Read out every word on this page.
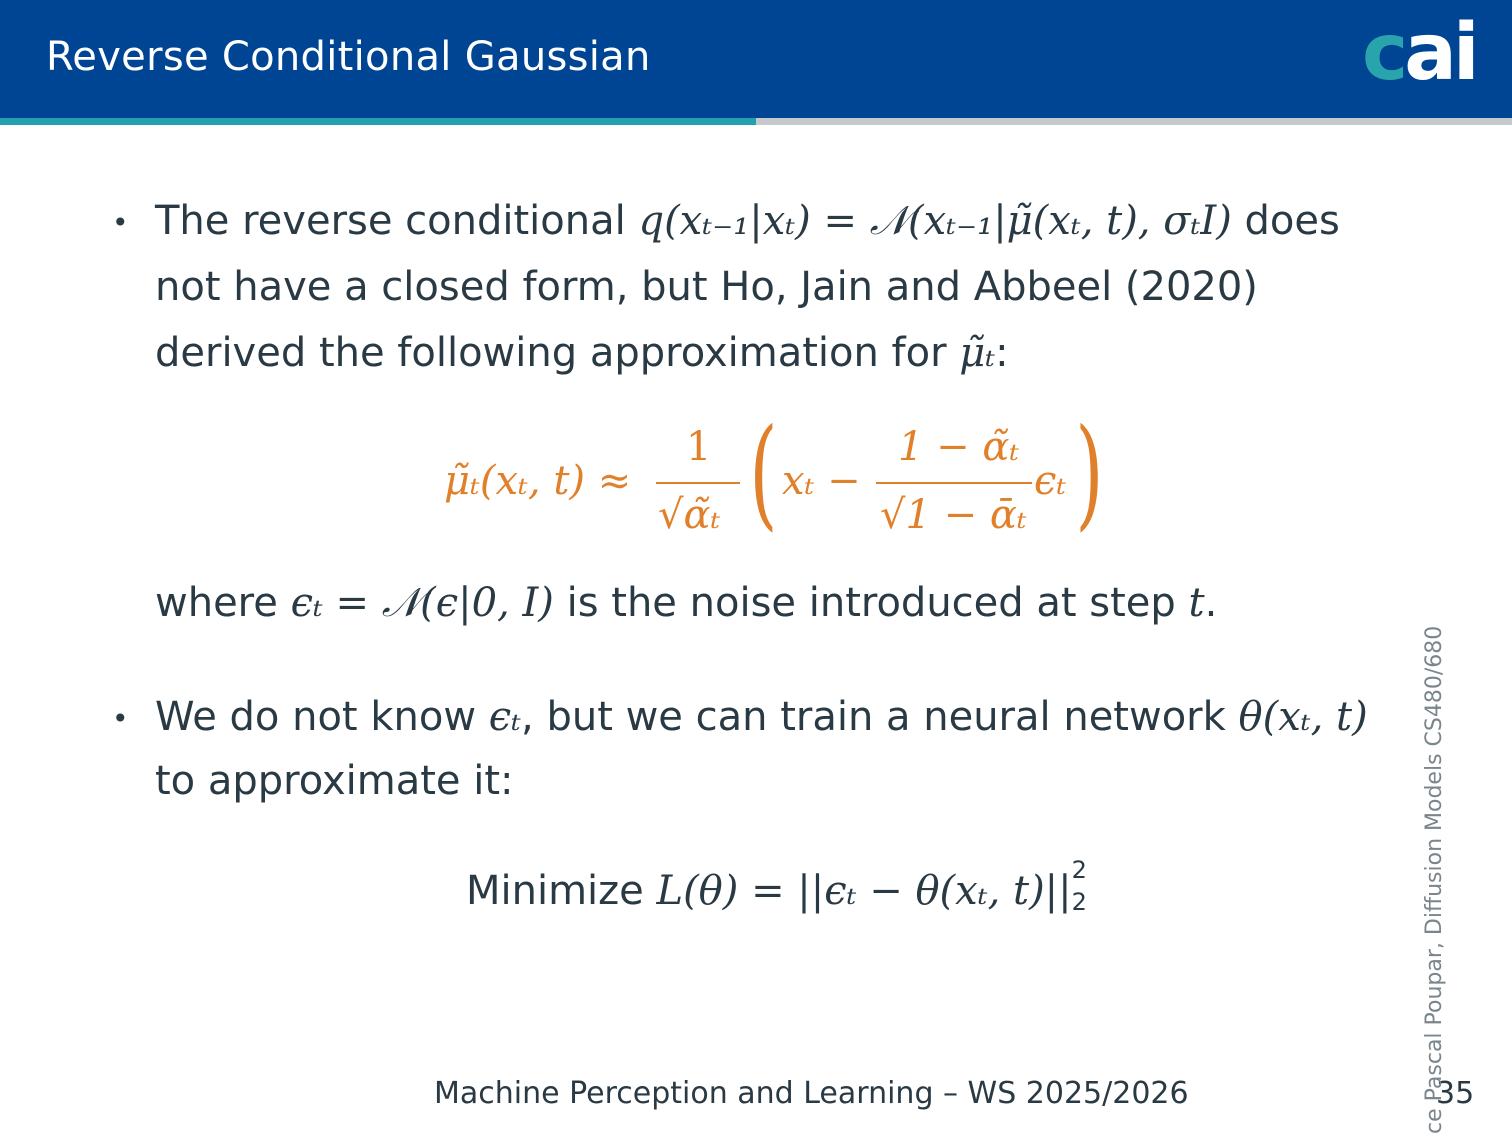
Reverse Conditional Gaussian	cai
• The reverse conditional q(xₜ₋₁|xₜ) = 𝒩(xₜ₋₁|μ̃(xₜ, t), σₜI) does
not have a closed form, but Ho, Jain and Abbeel (2020)
derived the following approximation for μ̃ₜ:
μ̃ₜ(xₜ, t) ≈
1
√α̃ₜ ( xₜ −
1 − α̃ₜ
√1 − ᾱₜ
ϵₜ )
where ϵₜ = 𝒩(ϵ|0, I) is the noise introduced at step t.
• We do not know ϵₜ, but we can train a neural network θ(xₜ, t)
to approximate it:
Minimize L(θ) = ||ϵₜ − θ(xₜ, t)|| 2
2
Machine Perception and Learning – WS 2025/2026	35
ce Pascal Poupar, Diffusion Models CS480/680
